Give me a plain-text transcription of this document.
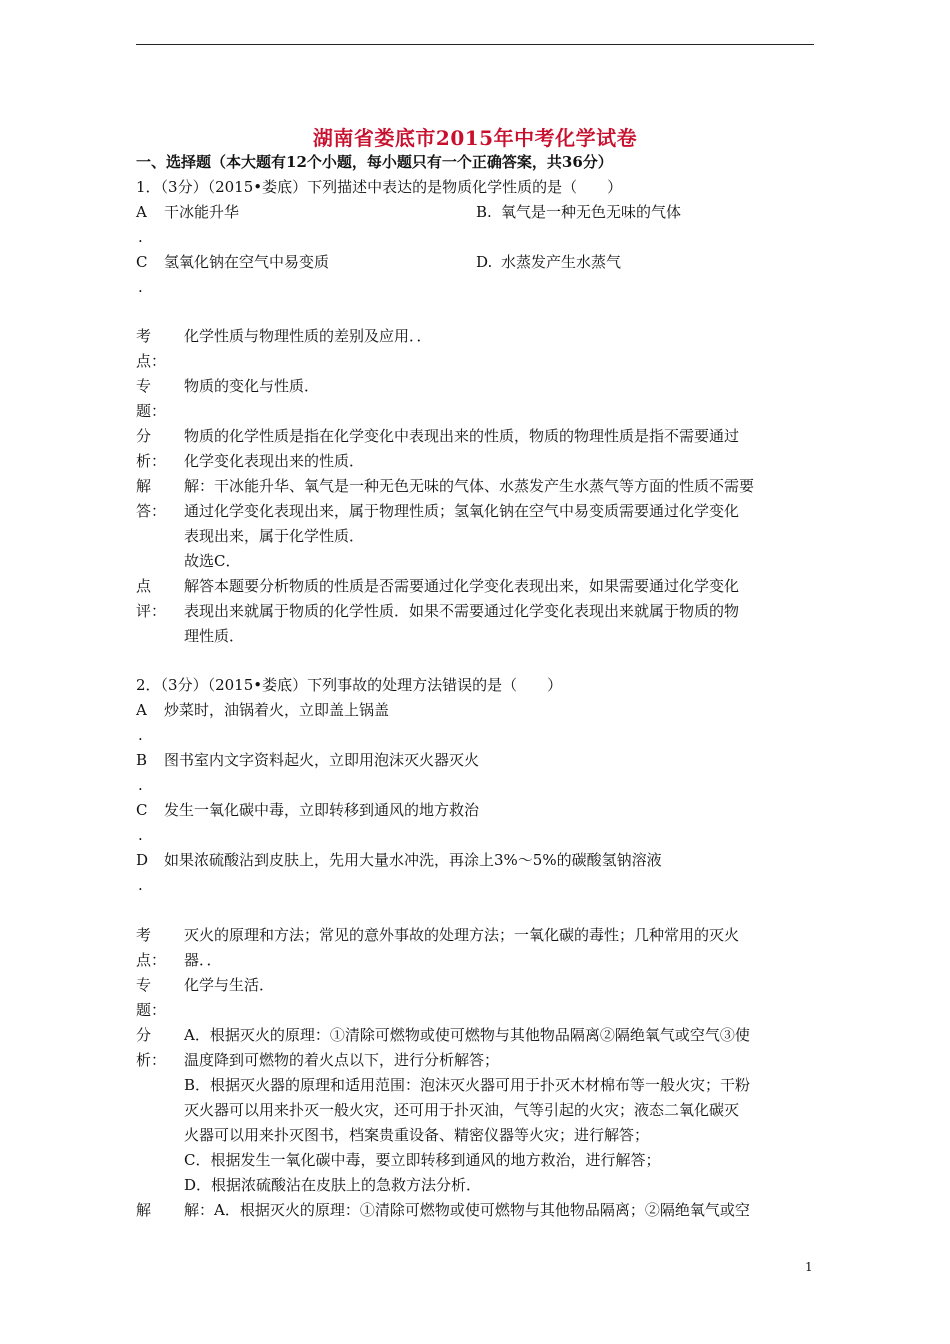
湖南省娄底市2015年中考化学试卷
一、选择题（本大题有12个小题，每小题只有一个正确答案，共36分）
1．（3分）（2015•娄底）下列描述中表达的是物质化学性质的是（　　）
A 干冰能升华	B. 氧气是一种无色无味的气体
.
C 氢氧化钠在空气中易变质	D. 水蒸发产生水蒸气
.
考
点：
化学性质与物理性质的差别及应用．．
专
题：
物质的变化与性质．
分
析：
物质的化学性质是指在化学变化中表现出来的性质，物质的物理性质是指不需要通过
化学变化表现出来的性质．
解
答：
解：干冰能升华、氧气是一种无色无味的气体、水蒸发产生水蒸气等方面的性质不需要
通过化学变化表现出来，属于物理性质；氢氧化钠在空气中易变质需要通过化学变化
表现出来，属于化学性质．
故选C．
点
评：
解答本题要分析物质的性质是否需要通过化学变化表现出来，如果需要通过化学变化
表现出来就属于物质的化学性质．如果不需要通过化学变化表现出来就属于物质的物
理性质．
2．（3分）（2015•娄底）下列事故的处理方法错误的是（　　）
A 炒菜时，油锅着火，立即盖上锅盖
.
B 图书室内文字资料起火，立即用泡沫灭火器灭火
.
C 发生一氧化碳中毒，立即转移到通风的地方救治
.
D 如果浓硫酸沾到皮肤上，先用大量水冲洗，再涂上3%～5%的碳酸氢钠溶液
.
考
点：
灭火的原理和方法；常见的意外事故的处理方法；一氧化碳的毒性；几种常用的灭火
器．．
专
题：
化学与生活．
分
析：
A．根据灭火的原理：①清除可燃物或使可燃物与其他物品隔离②隔绝氧气或空气③使
温度降到可燃物的着火点以下，进行分析解答；
B．根据灭火器的原理和适用范围：泡沫灭火器可用于扑灭木材棉布等一般火灾；干粉
灭火器可以用来扑灭一般火灾，还可用于扑灭油，气等引起的火灾；液态二氧化碳灭
火器可以用来扑灭图书，档案贵重设备、精密仪器等火灾；进行解答；
C．根据发生一氧化碳中毒，要立即转移到通风的地方救治，进行解答；
D．根据浓硫酸沾在皮肤上的急救方法分析．
解 解：A．根据灭火的原理：①清除可燃物或使可燃物与其他物品隔离；②隔绝氧气或空
1
